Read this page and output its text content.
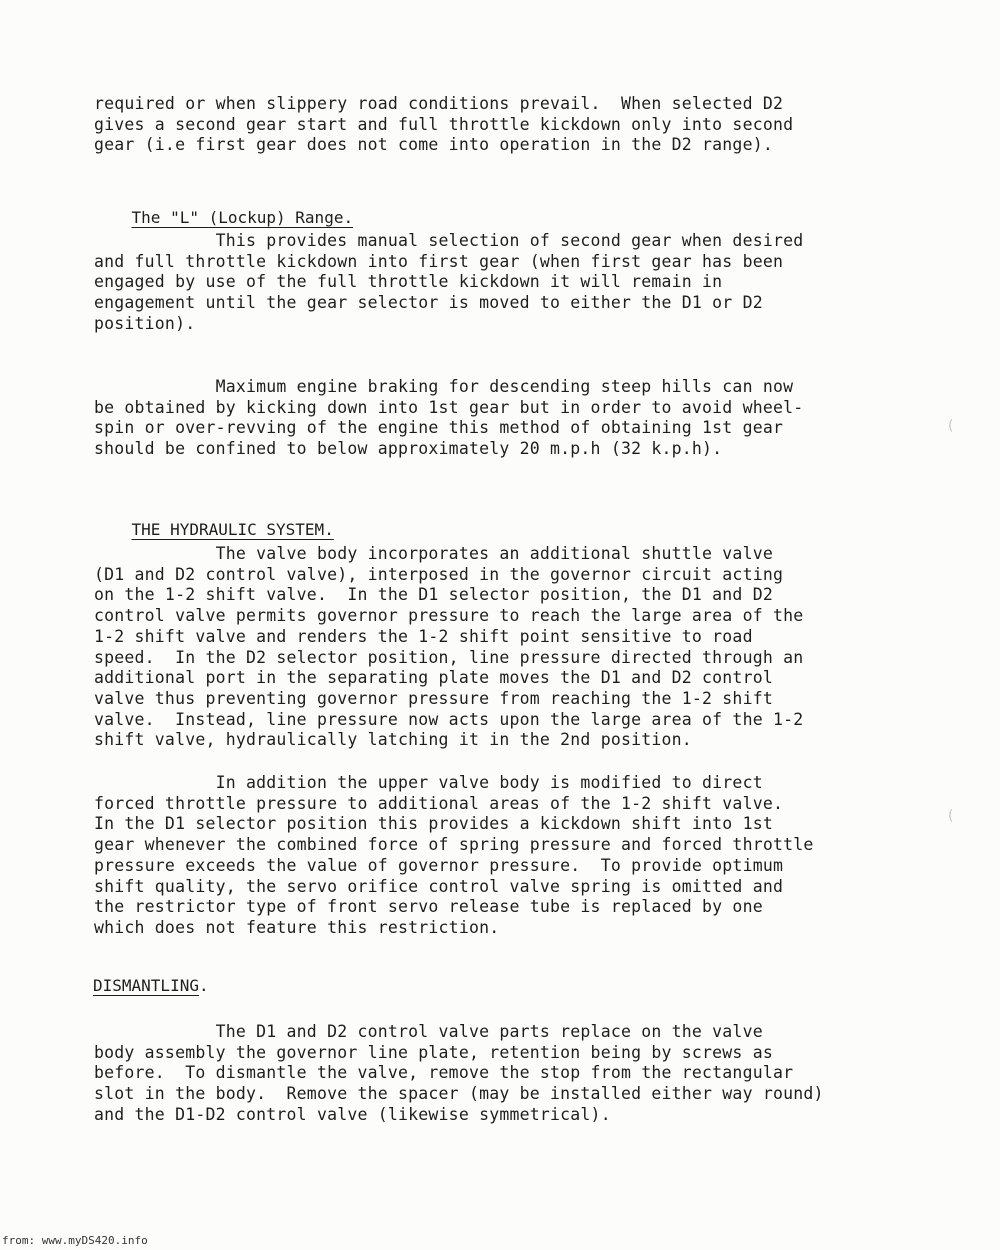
required or when slippery road conditions prevail.  When selected D2
gives a second gear start and full throttle kickdown only into second
gear (i.e first gear does not come into operation in the D2 range).

The "L" (Lockup) Range.

This provides manual selection of second gear when desired
and full throttle kickdown into first gear (when first gear has been
engaged by use of the full throttle kickdown it will remain in
engagement until the gear selector is moved to either the D1 or D2
position).
Maximum engine braking for descending steep hills can now
be obtained by kicking down into 1st gear but in order to avoid wheel-
spin or over-revving of the engine this method of obtaining 1st gear
should be confined to below approximately 20 m.p.h (32 k.p.h).

THE HYDRAULIC SYSTEM.

The valve body incorporates an additional shuttle valve
(D1 and D2 control valve), interposed in the governor circuit acting
on the 1-2 shift valve.  In the D1 selector position, the D1 and D2
control valve permits governor pressure to reach the large area of the
1-2 shift valve and renders the 1-2 shift point sensitive to road
speed.  In the D2 selector position, line pressure directed through an
additional port in the separating plate moves the D1 and D2 control
valve thus preventing governor pressure from reaching the 1-2 shift
valve.  Instead, line pressure now acts upon the large area of the 1-2
shift valve, hydraulically latching it in the 2nd position.
In addition the upper valve body is modified to direct
forced throttle pressure to additional areas of the 1-2 shift valve.
In the D1 selector position this provides a kickdown shift into 1st
gear whenever the combined force of spring pressure and forced throttle
pressure exceeds the value of governor pressure.  To provide optimum
shift quality, the servo orifice control valve spring is omitted and
the restrictor type of front servo release tube is replaced by one
which does not feature this restriction.
DISMANTLING.
The D1 and D2 control valve parts replace on the valve
body assembly the governor line plate, retention being by screws as
before.  To dismantle the valve, remove the stop from the rectangular
slot in the body.  Remove the spacer (may be installed either way round)
and the D1-D2 control valve (likewise symmetrical).
(
(
from: www.myDS420.info
